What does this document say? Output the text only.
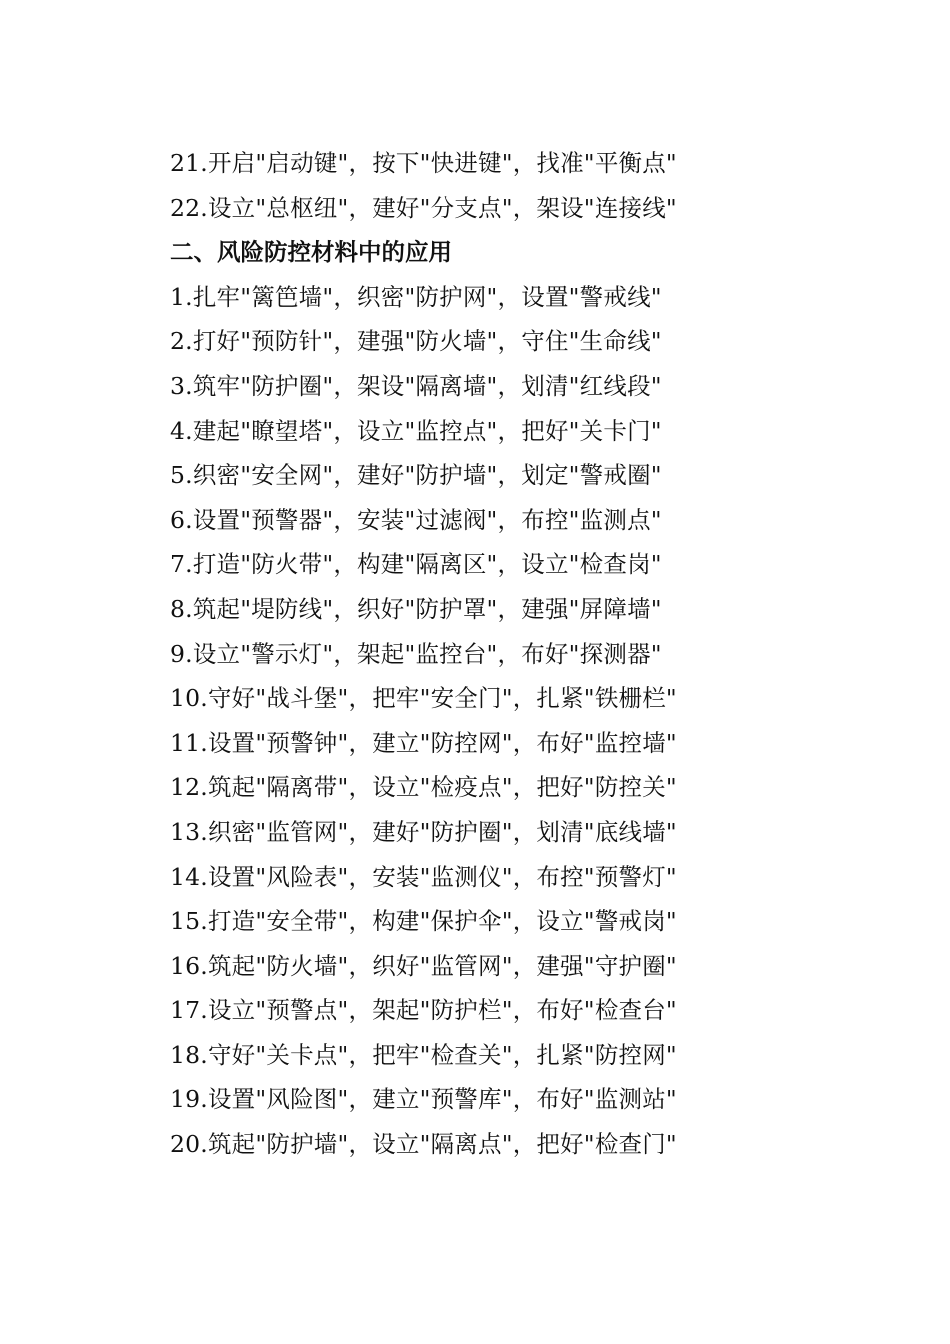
21.开启"启动键"，按下"快进键"，找准"平衡点"
22.设立"总枢纽"，建好"分支点"，架设"连接线"
二、风险防控材料中的应用
1.扎牢"篱笆墙"，织密"防护网"，设置"警戒线"
2.打好"预防针"，建强"防火墙"，守住"生命线"
3.筑牢"防护圈"，架设"隔离墙"，划清"红线段"
4.建起"瞭望塔"，设立"监控点"，把好"关卡门"
5.织密"安全网"，建好"防护墙"，划定"警戒圈"
6.设置"预警器"，安装"过滤阀"，布控"监测点"
7.打造"防火带"，构建"隔离区"，设立"检查岗"
8.筑起"堤防线"，织好"防护罩"，建强"屏障墙"
9.设立"警示灯"，架起"监控台"，布好"探测器"
10.守好"战斗堡"，把牢"安全门"，扎紧"铁栅栏"
11.设置"预警钟"，建立"防控网"，布好"监控墙"
12.筑起"隔离带"，设立"检疫点"，把好"防控关"
13.织密"监管网"，建好"防护圈"，划清"底线墙"
14.设置"风险表"，安装"监测仪"，布控"预警灯"
15.打造"安全带"，构建"保护伞"，设立"警戒岗"
16.筑起"防火墙"，织好"监管网"，建强"守护圈"
17.设立"预警点"，架起"防护栏"，布好"检查台"
18.守好"关卡点"，把牢"检查关"，扎紧"防控网"
19.设置"风险图"，建立"预警库"，布好"监测站"
20.筑起"防护墙"，设立"隔离点"，把好"检查门"
